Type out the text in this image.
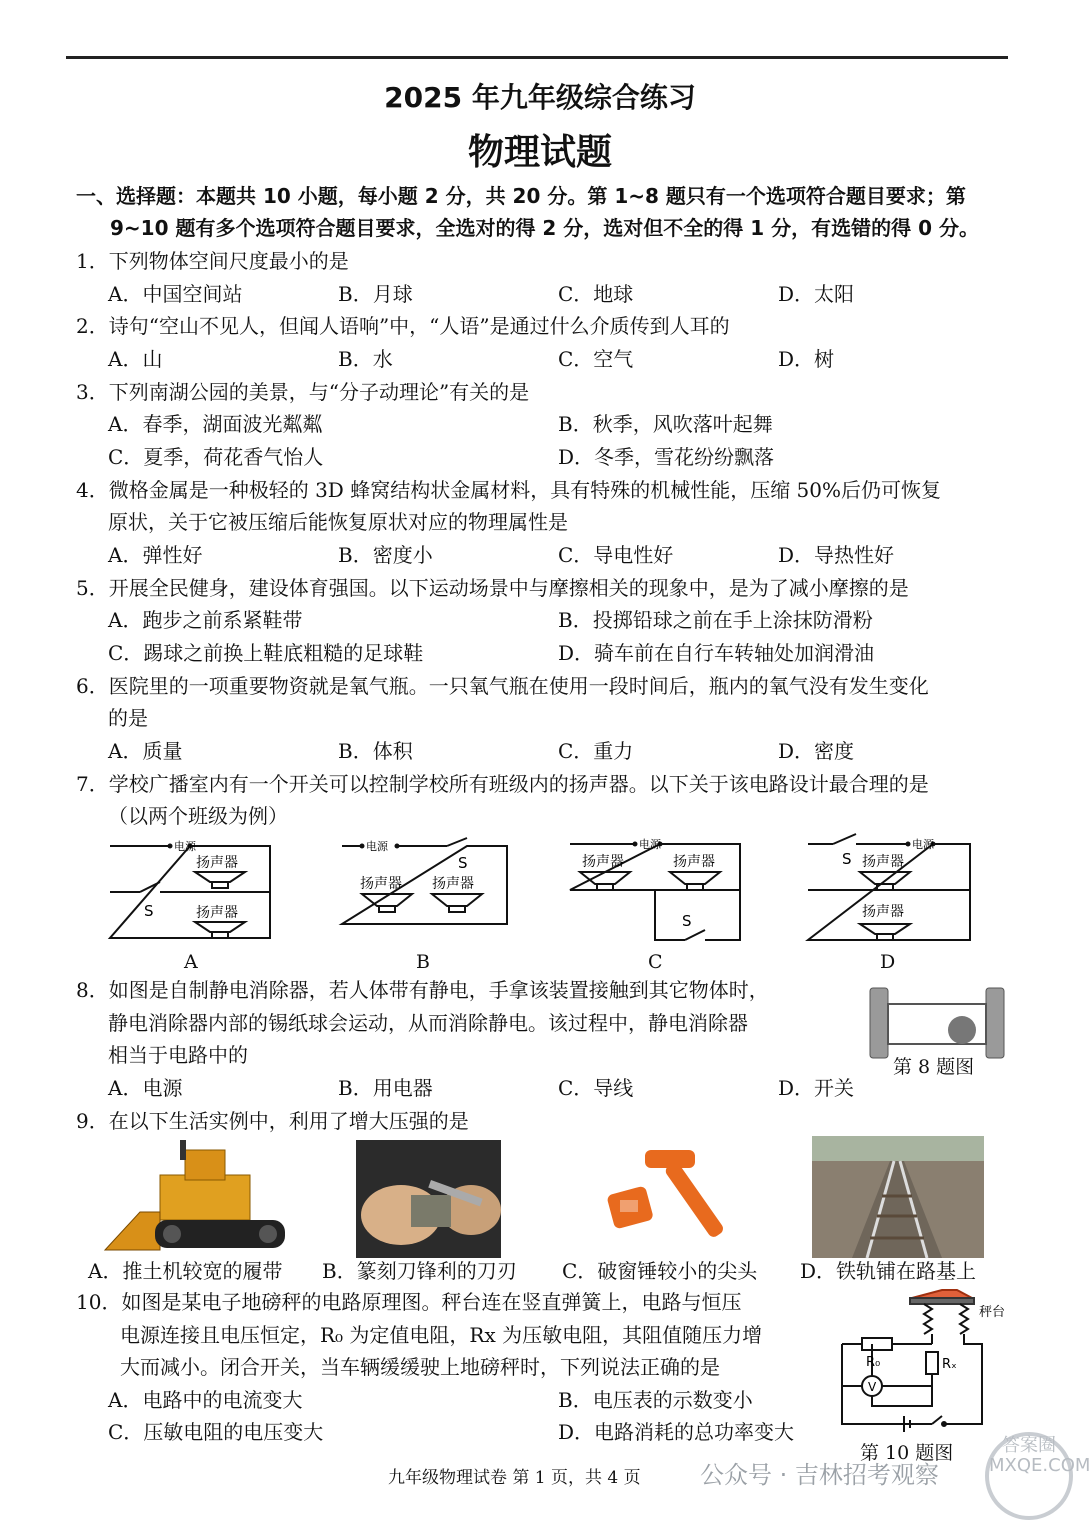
2025 年九年级综合练习
物理试题
一、选择题：本题共 10 小题，每小题 2 分，共 20 分。第 1~8 题只有一个选项符合题目要求；第
9~10 题有多个选项符合题目要求，全选对的得 2 分，选对但不全的得 1 分，有选错的得 0 分。
1．下列物体空间尺度最小的是
A．中国空间站	B．月球	C．地球	D．太阳
2．诗句“空山不见人，但闻人语响”中，“人语”是通过什么介质传到人耳的
A．山	B．水	C．空气	D．树
3．下列南湖公园的美景，与“分子动理论”有关的是
A．春季，湖面波光粼粼	B．秋季，风吹落叶起舞
C．夏季，荷花香气怡人	D．冬季，雪花纷纷飘落
4．微格金属是一种极轻的 3D 蜂窝结构状金属材料，具有特殊的机械性能，压缩 50%后仍可恢复
原状，关于它被压缩后能恢复原状对应的物理属性是
A．弹性好	B．密度小	C．导电性好	D．导热性好
5．开展全民健身，建设体育强国。以下运动场景中与摩擦相关的现象中，是为了减小摩擦的是
A．跑步之前系紧鞋带	B．投掷铅球之前在手上涂抹防滑粉
C．踢球之前换上鞋底粗糙的足球鞋	D．骑车前在自行车转轴处加润滑油
6．医院里的一项重要物资就是氧气瓶。一只氧气瓶在使用一段时间后，瓶内的氧气没有发生变化
的是
A．质量	B．体积	C．重力	D．密度
7．学校广播室内有一个开关可以控制学校所有班级内的扬声器。以下关于该电路设计最合理的是
（以两个班级为例）
电源
扬声器
扬声器
S
电源
扬声器 扬声器
S
电源
扬声器	扬声器
S
电源
扬声器
扬声器
S
A	B	C	D
8．如图是自制静电消除器，若人体带有静电，手拿该装置接触到其它物体时，
静电消除器内部的锡纸球会运动，从而消除静电。该过程中，静电消除器
相当于电路中的
A．电源	B．用电器	C．导线	D．开关
第 8 题图
9．在以下生活实例中，利用了增大压强的是
A．推土机较宽的履带 B．篆刻刀锋利的刀刃 C．破窗锤较小的尖头 D．铁轨铺在路基上
10．如图是某电子地磅秤的电路原理图。秤台连在竖直弹簧上，电路与恒压
电源连接且电压恒定，R₀ 为定值电阻，Rx 为压敏电阻，其阻值随压力增
大而减小。闭合开关，当车辆缓缓驶上地磅秤时，下列说法正确的是
A．电路中的电流变大	B．电压表的示数变小
C．压敏电阻的电压变大	D．电路消耗的总功率变大
秤台
R₀	Rₓ
V
第 10 题图
九年级物理试卷 第 1 页，共 4 页 公众号 · 吉林招考观察
答案圈 MXQE.COM
